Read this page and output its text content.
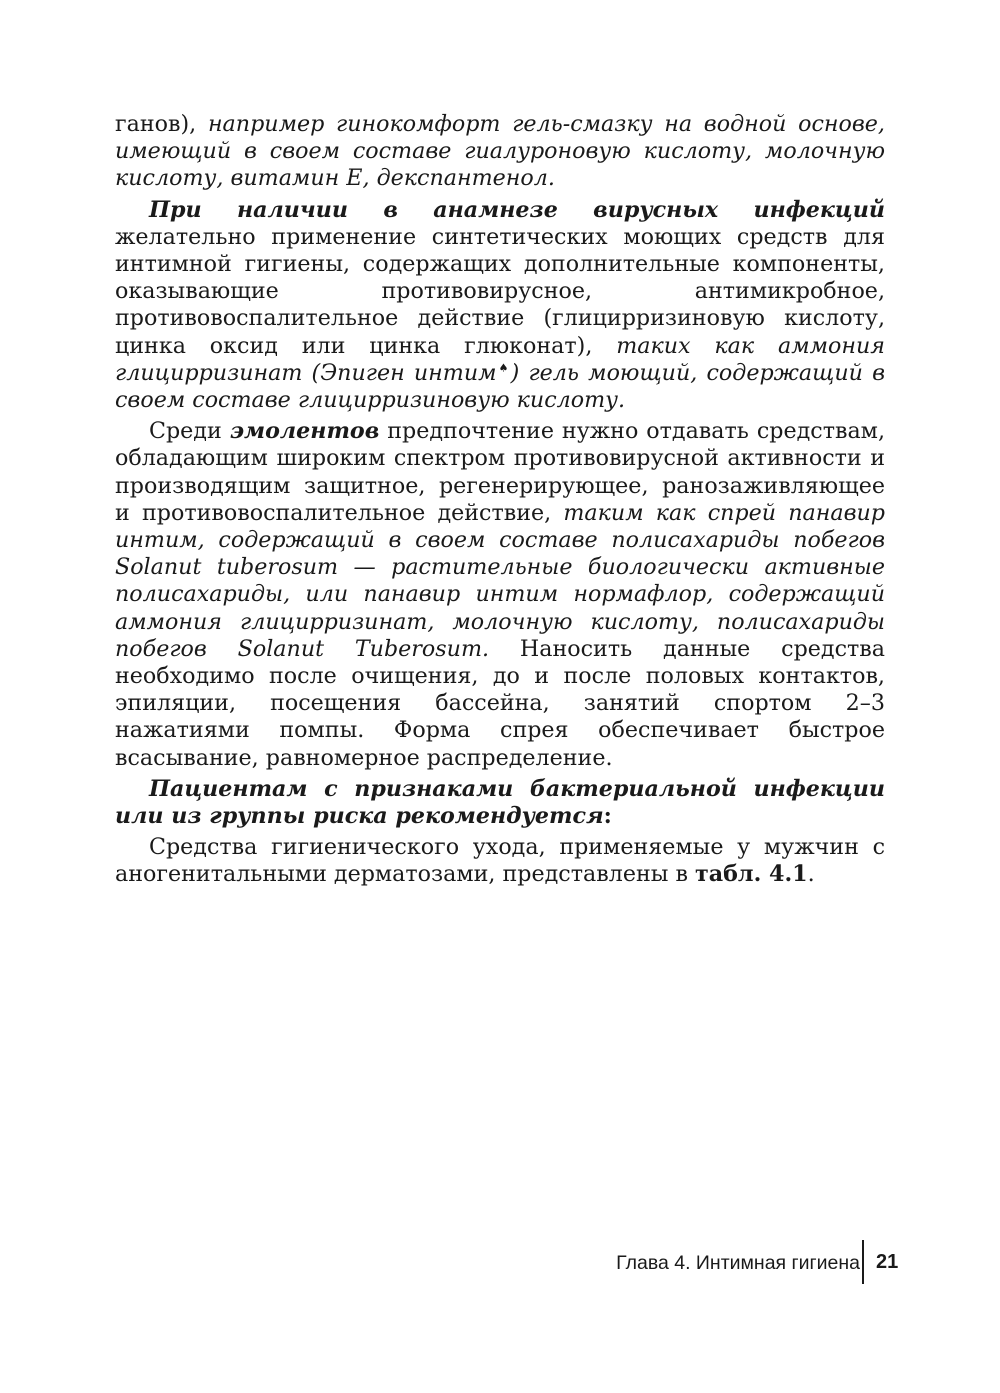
ганов), например гинокомфорт гель-смазку на водной основе, имеющий в своем составе гиалуроновую кислоту, молочную кислоту, витамин Е, декспантенол.

При наличии в анамнезе вирусных инфекций желательно применение синтетических моющих средств для интимной гигиены, содержащих дополнительные компоненты, оказывающие противовирусное, антимикробное, противовоспалительное действие (глицирризиновую кислоту, цинка оксид или цинка глюконат), таких как аммония глицирризинат (Эпиген интим♠) гель моющий, содержащий в своем составе глицирризиновую кислоту.

Среди эмолентов предпочтение нужно отдавать средствам, обладающим широким спектром противовирусной активности и производящим защитное, регенерирующее, ранозаживляющее и противовоспалительное действие, таким как спрей панавир интим, содержащий в своем составе полисахариды побегов Solanut tuberosum — растительные биологически активные полисахариды, или панавир интим нормафлор, содержащий аммония глицирризинат, молочную кислоту, полисахариды побегов Solanut Tuberosum. Наносить данные средства необходимо после очищения, до и после половых контактов, эпиляции, посещения бассейна, занятий спортом 2–3 нажатиями помпы. Форма спрея обеспечивает быстрое всасывание, равномерное распределение.

Пациентам с признаками бактериальной инфекции или из группы риска рекомендуется:

Средства гигиенического ухода, применяемые у мужчин с аногенитальными дерматозами, представлены в табл. 4.1.

Глава 4. Интимная гигиена 21
